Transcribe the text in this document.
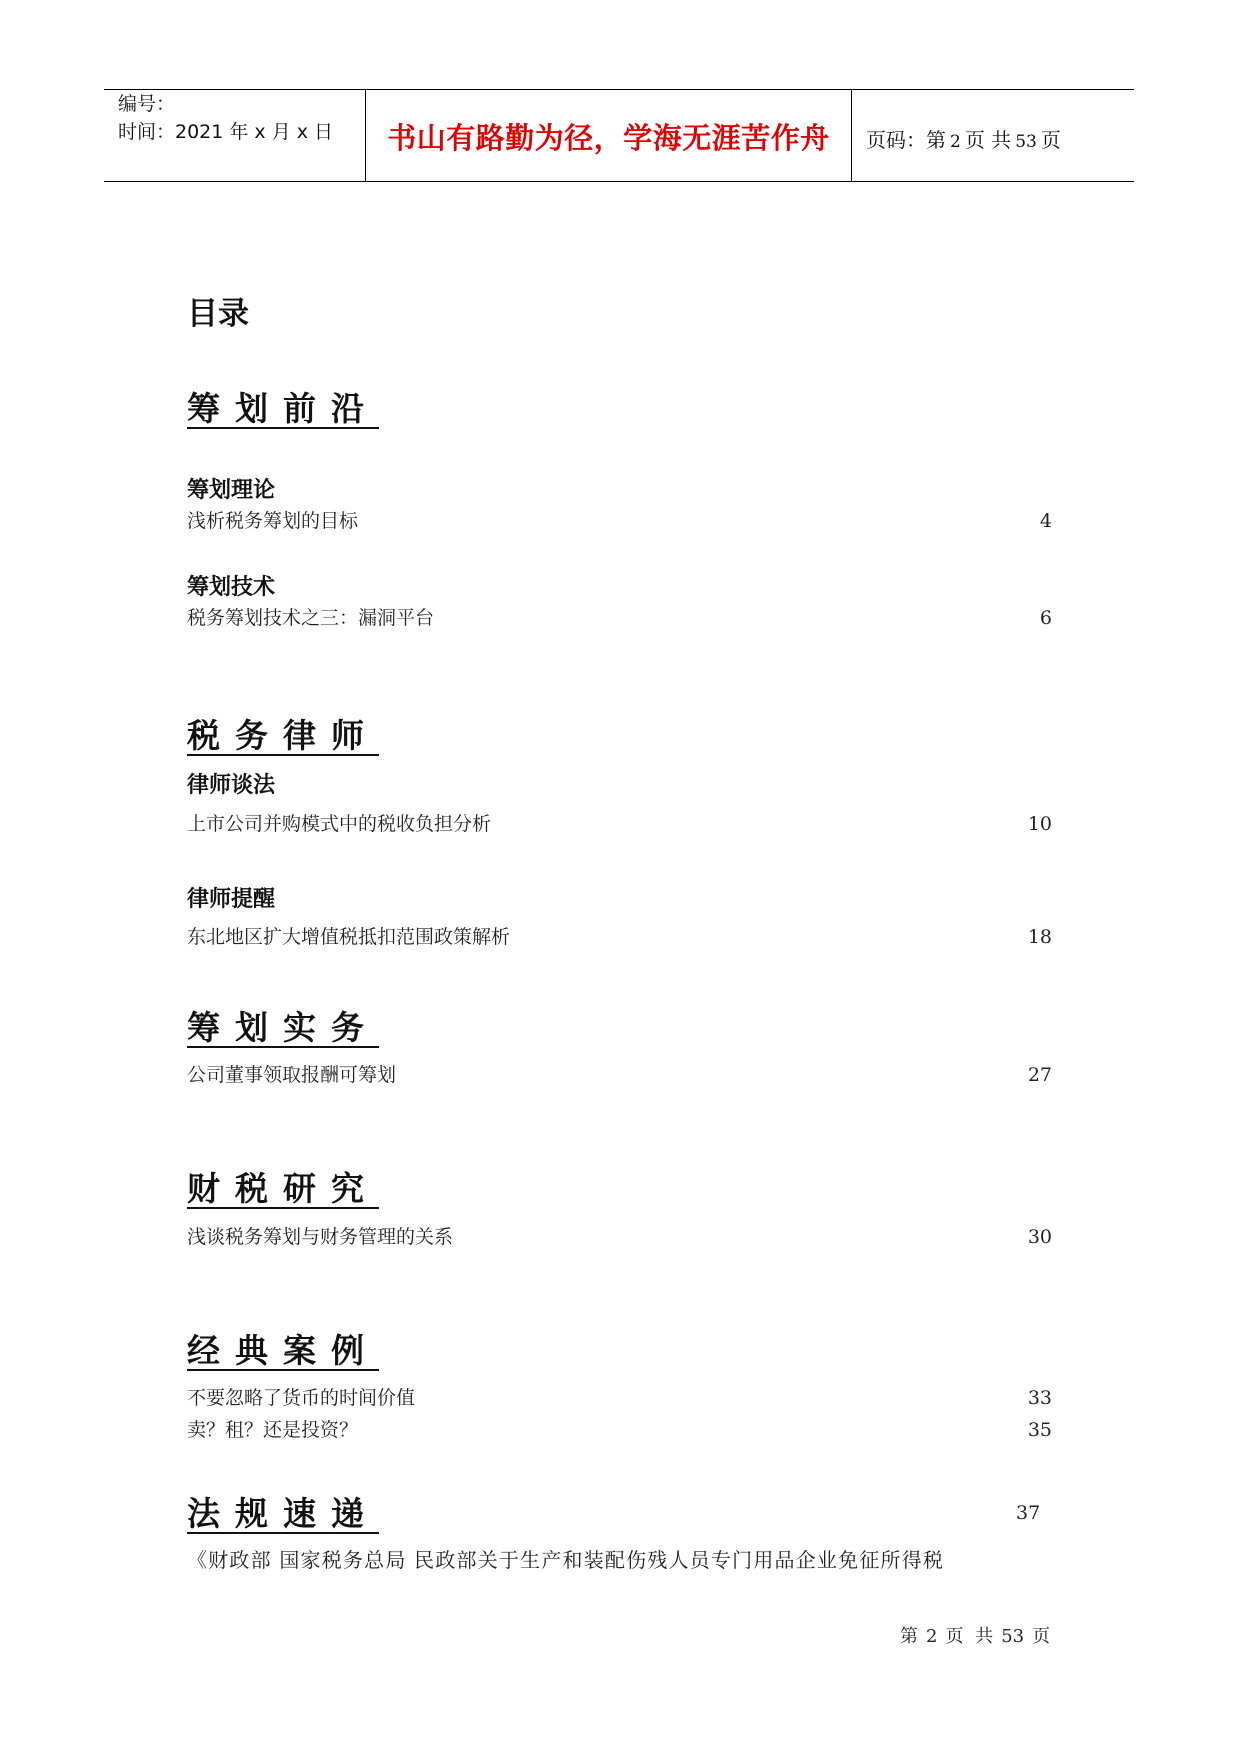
编号：
时间：2021 年 x 月 x 日	书山有路勤为径，学海无涯苦作舟	页码：第 2 页 共 53 页
目录
筹划前沿
筹划理论
浅析税务筹划的目标	4
筹划技术
税务筹划技术之三：漏洞平台	6
税务律师
律师谈法
上市公司并购模式中的税收负担分析	10
律师提醒
东北地区扩大增值税抵扣范围政策解析	18
筹划实务
公司董事领取报酬可筹划	27
财税研究
浅谈税务筹划与财务管理的关系	30
经典案例
不要忽略了货币的时间价值	33
卖？租？还是投资？	35
法规速递	37
《财政部 国家税务总局 民政部关于生产和装配伤残人员专门用品企业免征所得税
第 2 页 共 53 页
